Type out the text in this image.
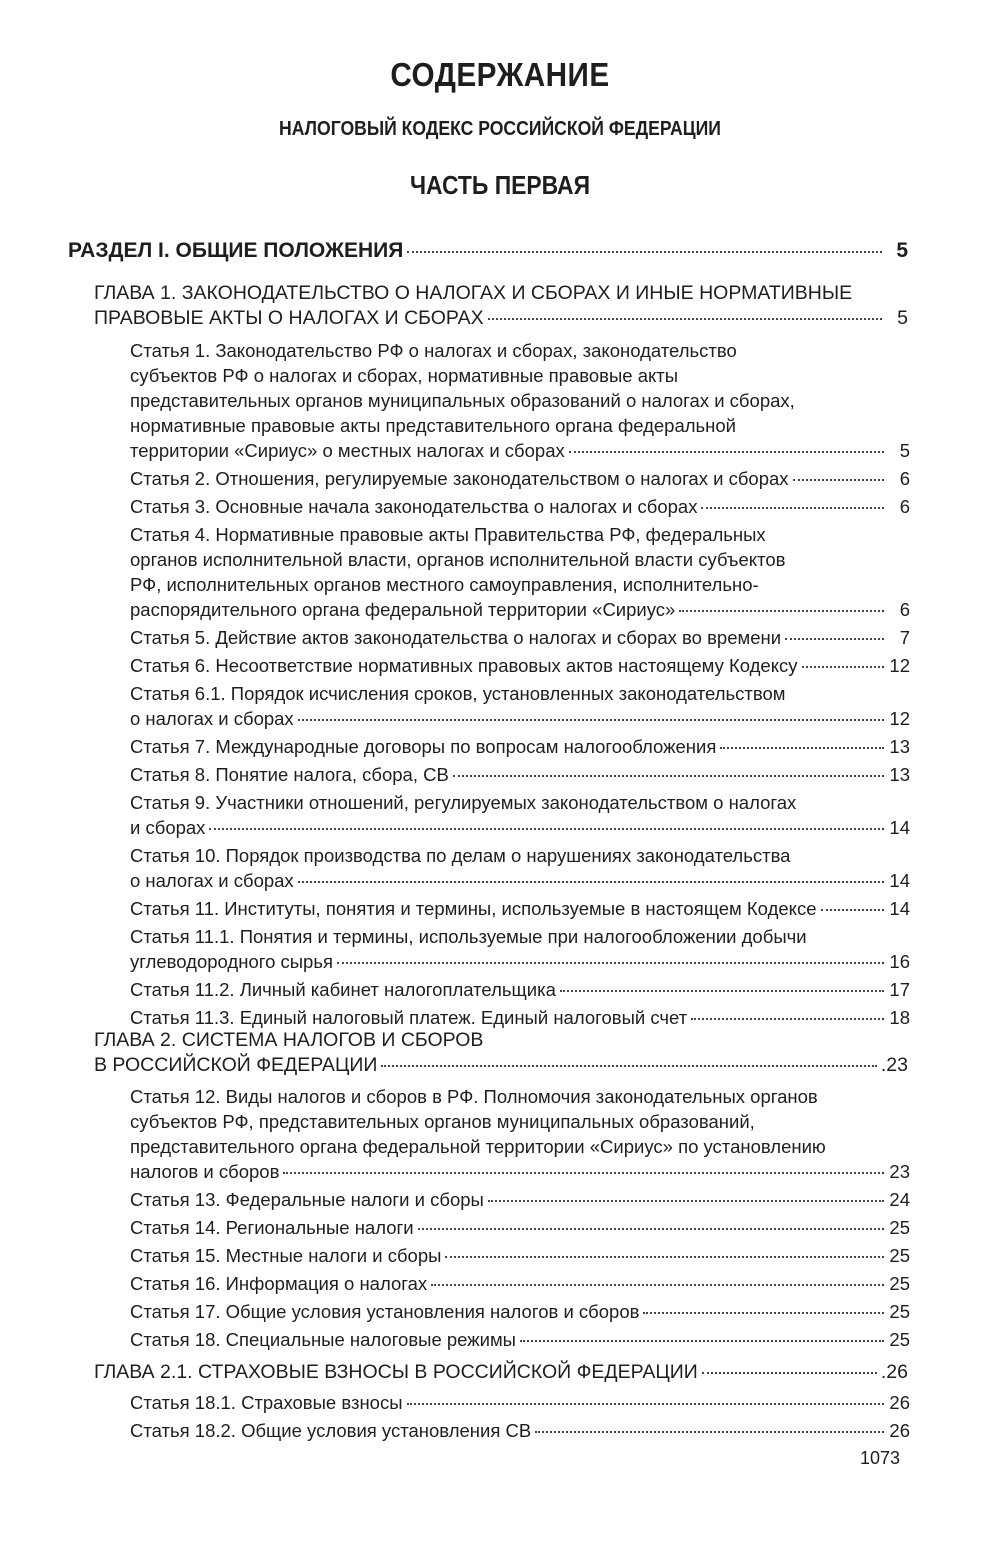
СОДЕРЖАНИЕ
НАЛОГОВЫЙ КОДЕКС РОССИЙСКОЙ ФЕДЕРАЦИИ
ЧАСТЬ ПЕРВАЯ
РАЗДЕЛ I. ОБЩИЕ ПОЛОЖЕНИЯ	5
ГЛАВА 1. ЗАКОНОДАТЕЛЬСТВО О НАЛОГАХ И СБОРАХ И ИНЫЕ НОРМАТИВНЫЕ
ПРАВОВЫЕ АКТЫ О НАЛОГАХ И СБОРАХ	5
Статья 1. Законодательство РФ о налогах и сборах, законодательство
субъектов РФ о налогах и сборах, нормативные правовые акты
представительных органов муниципальных образований о налогах и сборах,
нормативные правовые акты представительного органа федеральной
территории «Сириус» о местных налогах и сборах	5
Статья 2. Отношения, регулируемые законодательством о налогах и сборах	6
Статья 3. Основные начала законодательства о налогах и сборах	6
Статья 4. Нормативные правовые акты Правительства РФ, федеральных
органов исполнительной власти, органов исполнительной власти субъектов
РФ, исполнительных органов местного самоуправления, исполнительно-
распорядительного органа федеральной территории «Сириус»	6
Статья 5. Действие актов законодательства о налогах и сборах во времени	7
Статья 6. Несоответствие нормативных правовых актов настоящему Кодексу	12
Статья 6.1. Порядок исчисления сроков, установленных законодательством
о налогах и сборах	12
Статья 7. Международные договоры по вопросам налогообложения	13
Статья 8. Понятие налога, сбора, СВ	13
Статья 9. Участники отношений, регулируемых законодательством о налогах
и сборах	14
Статья 10. Порядок производства по делам о нарушениях законодательства
о налогах и сборах	14
Статья 11. Институты, понятия и термины, используемые в настоящем Кодексе	14
Статья 11.1. Понятия и термины, используемые при налогообложении добычи
углеводородного сырья	16
Статья 11.2. Личный кабинет налогоплательщика	17
Статья 11.3. Единый налоговый платеж. Единый налоговый счет	18
ГЛАВА 2. СИСТЕМА НАЛОГОВ И СБОРОВ
В РОССИЙСКОЙ ФЕДЕРАЦИИ	.23
Статья 12. Виды налогов и сборов в РФ. Полномочия законодательных органов
субъектов РФ, представительных органов муниципальных образований,
представительного органа федеральной территории «Сириус» по установлению
налогов и сборов	23
Статья 13. Федеральные налоги и сборы	24
Статья 14. Региональные налоги	25
Статья 15. Местные налоги и сборы	25
Статья 16. Информация о налогах	25
Статья 17. Общие условия установления налогов и сборов	25
Статья 18. Специальные налоговые режимы	25
ГЛАВА 2.1. СТРАХОВЫЕ ВЗНОСЫ В РОССИЙСКОЙ ФЕДЕРАЦИИ	.26
Статья 18.1. Страховые взносы	26
Статья 18.2. Общие условия установления СВ	26
1073
